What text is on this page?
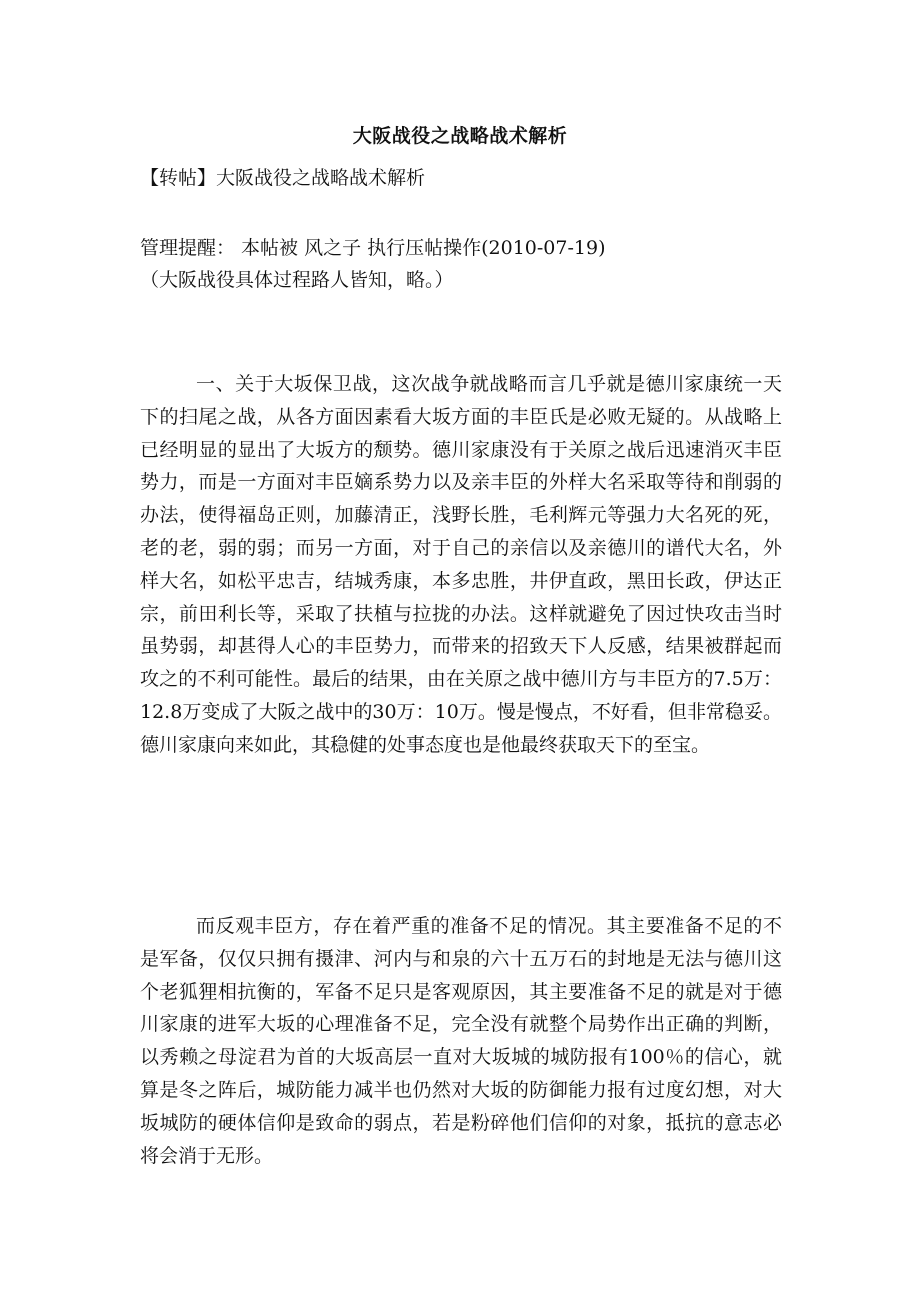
大阪战役之战略战术解析
【转帖】大阪战役之战略战术解析
管理提醒： 本帖被 风之子 执行压帖操作(2010-07-19)
（大阪战役具体过程路人皆知，略。）

一、关于大坂保卫战，这次战争就战略而言几乎就是德川家康统一天下的扫尾之战，从各方面因素看大坂方面的丰臣氏是必败无疑的。从战略上已经明显的显出了大坂方的颓势。德川家康没有于关原之战后迅速消灭丰臣势力，而是一方面对丰臣嫡系势力以及亲丰臣的外样大名采取等待和削弱的办法，使得福岛正则，加藤清正，浅野长胜，毛利辉元等强力大名死的死，老的老，弱的弱；而另一方面，对于自己的亲信以及亲德川的谱代大名，外样大名，如松平忠吉，结城秀康，本多忠胜，井伊直政，黑田长政，伊达正宗，前田利长等，采取了扶植与拉拢的办法。这样就避免了因过快攻击当时虽势弱，却甚得人心的丰臣势力，而带来的招致天下人反感，结果被群起而攻之的不利可能性。最后的结果，由在关原之战中德川方与丰臣方的7.5万：12.8万变成了大阪之战中的30万：10万。慢是慢点，不好看，但非常稳妥。德川家康向来如此，其稳健的处事态度也是他最终获取天下的至宝。

而反观丰臣方，存在着严重的准备不足的情况。其主要准备不足的不是军备，仅仅只拥有摄津、河内与和泉的六十五万石的封地是无法与德川这个老狐狸相抗衡的，军备不足只是客观原因，其主要准备不足的就是对于德川家康的进军大坂的心理准备不足，完全没有就整个局势作出正确的判断，以秀赖之母淀君为首的大坂高层一直对大坂城的城防报有100％的信心，就算是冬之阵后，城防能力减半也仍然对大坂的防御能力报有过度幻想，对大坂城防的硬体信仰是致命的弱点，若是粉碎他们信仰的对象，抵抗的意志必将会消于无形。
